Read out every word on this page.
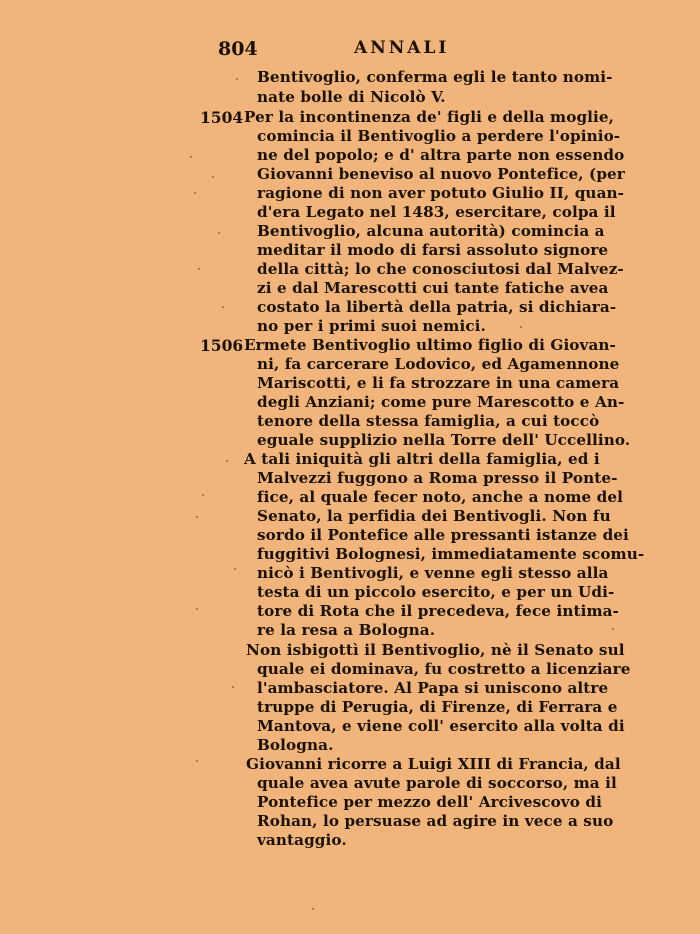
804	ANNALI
Bentivoglio, conferma egli le tanto nomi-
nate bolle di Nicolò V.
Per la incontinenza de' figli e della moglie,
comincia il Bentivoglio a perdere l'opinio-
ne del popolo; e d' altra parte non essendo
Giovanni beneviso al nuovo Pontefice, (per
ragione di non aver potuto Giulio II, quan-
d'era Legato nel 1483, esercitare, colpa il
Bentivoglio, alcuna autorità) comincia a
meditar il modo di farsi assoluto signore
della città; lo che conosciutosi dal Malvez-
zi e dal Marescotti cui tante fatiche avea
costato la libertà della patria, si dichiara-
no per i primi suoi nemici.
Ermete Bentivoglio ultimo figlio di Giovan-
ni, fa carcerare Lodovico, ed Agamennone
Mariscotti, e li fa strozzare in una camera
degli Anziani; come pure Marescotto e An-
tenore della stessa famiglia, a cui toccò
eguale supplizio nella Torre dell' Uccellino.
A tali iniquità gli altri della famiglia, ed i
Malvezzi fuggono a Roma presso il Ponte-
fice, al quale fecer noto, anche a nome del
Senato, la perfidia dei Bentivogli. Non fu
sordo il Pontefice alle pressanti istanze dei
fuggitivi Bolognesi, immediatamente scomu-
nicò i Bentivogli, e venne egli stesso alla
testa di un piccolo esercito, e per un Udi-
tore di Rota che il precedeva, fece intima-
re la resa a Bologna.
Non isbigottì il Bentivoglio, nè il Senato sul
quale ei dominava, fu costretto a licenziare
l'ambasciatore. Al Papa si uniscono altre
truppe di Perugia, di Firenze, di Ferrara e
Mantova, e viene coll' esercito alla volta di
Bologna.
Giovanni ricorre a Luigi XIII di Francia, dal
quale avea avute parole di soccorso, ma il
Pontefice per mezzo dell' Arcivescovo di
Rohan, lo persuase ad agire in vece a suo
vantaggio.
1504
1506
